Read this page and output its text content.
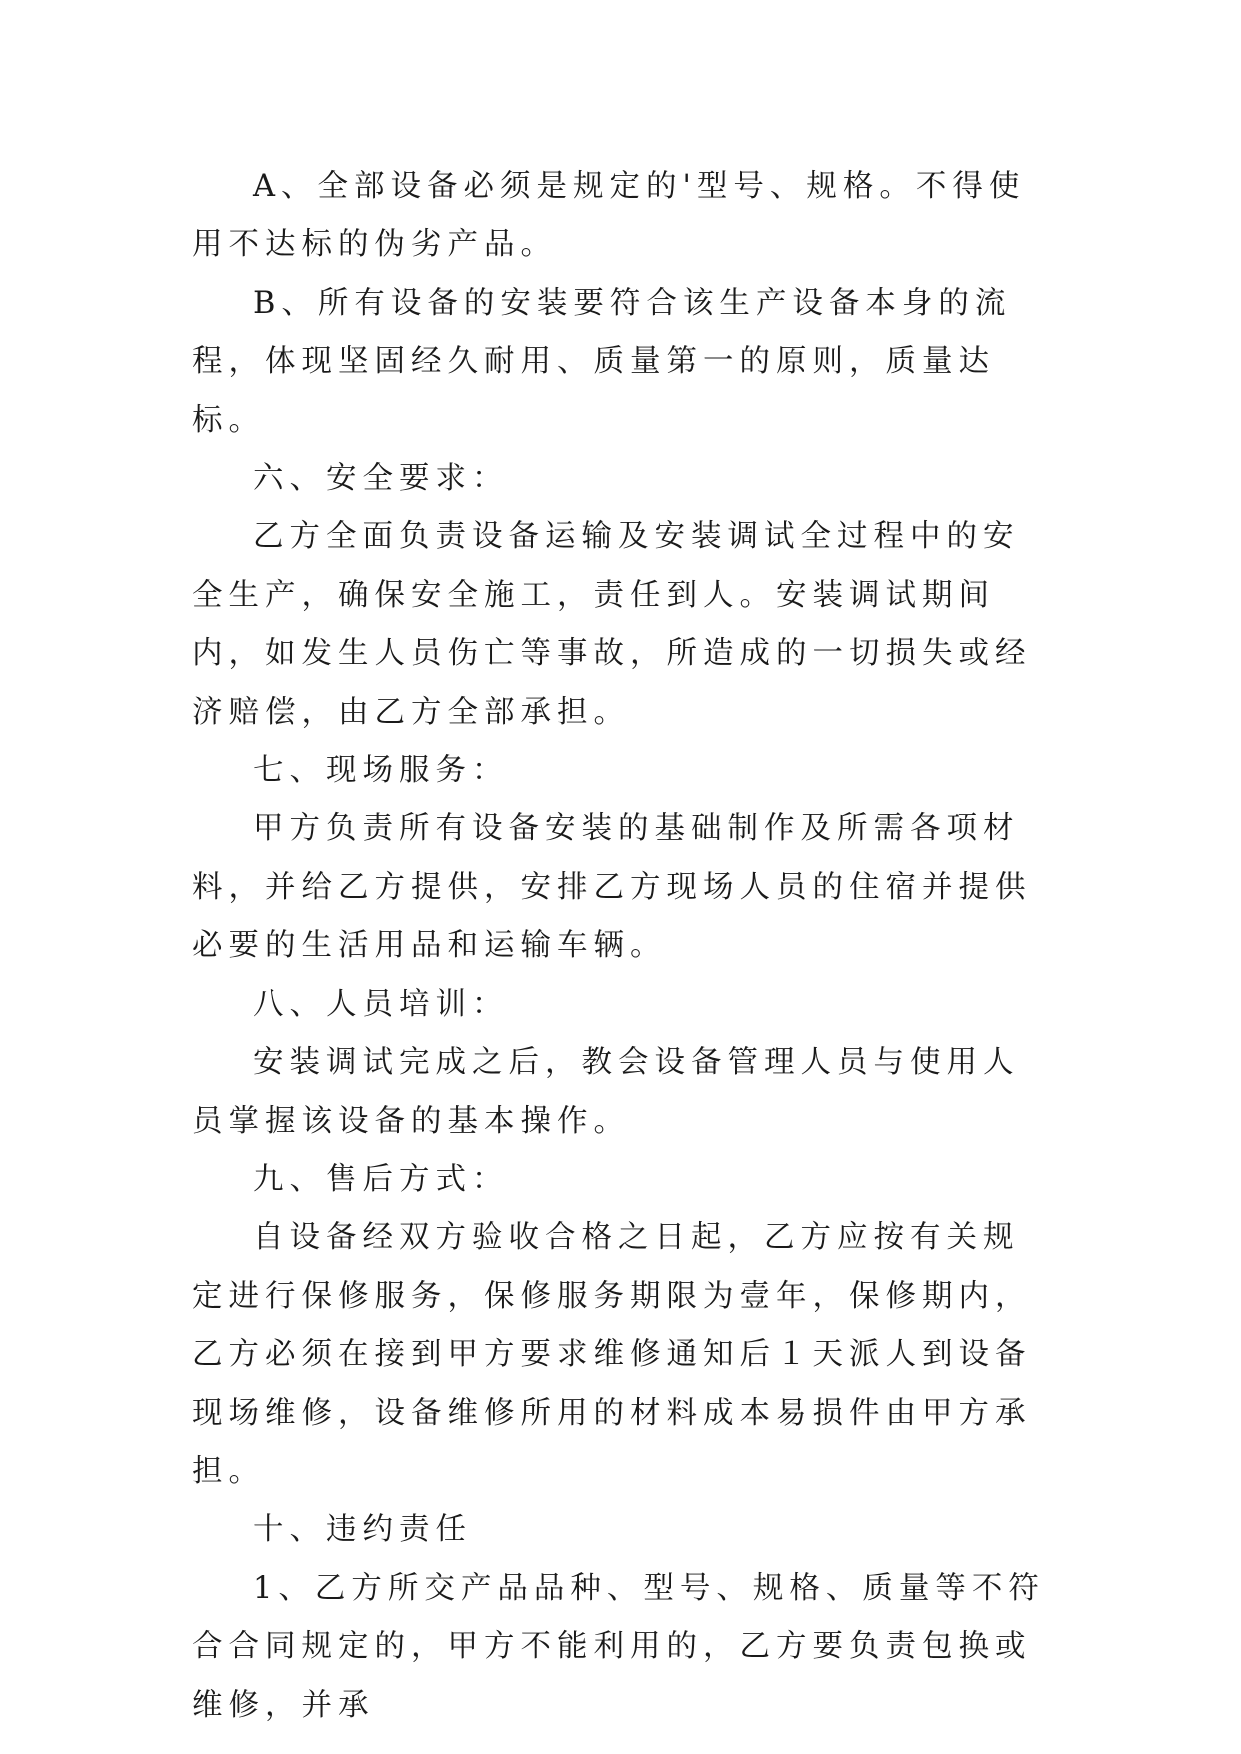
A、全部设备必须是规定的'型号、规格。不得使用不达标的伪劣产品。

B、所有设备的安装要符合该生产设备本身的流程，体现坚固经久耐用、质量第一的原则，质量达标。

六、安全要求：

乙方全面负责设备运输及安装调试全过程中的安全生产，确保安全施工，责任到人。安装调试期间内，如发生人员伤亡等事故，所造成的一切损失或经济赔偿，由乙方全部承担。

七、现场服务：

甲方负责所有设备安装的基础制作及所需各项材料，并给乙方提供，安排乙方现场人员的住宿并提供必要的生活用品和运输车辆。

八、人员培训：

安装调试完成之后，教会设备管理人员与使用人员掌握该设备的基本操作。

九、售后方式：

自设备经双方验收合格之日起，乙方应按有关规定进行保修服务，保修服务期限为壹年，保修期内，乙方必须在接到甲方要求维修通知后１天派人到设备现场维修，设备维修所用的材料成本易损件由甲方承担。

十、违约责任

1、乙方所交产品品种、型号、规格、质量等不符合合同规定的，甲方不能利用的，乙方要负责包换或维修，并承
